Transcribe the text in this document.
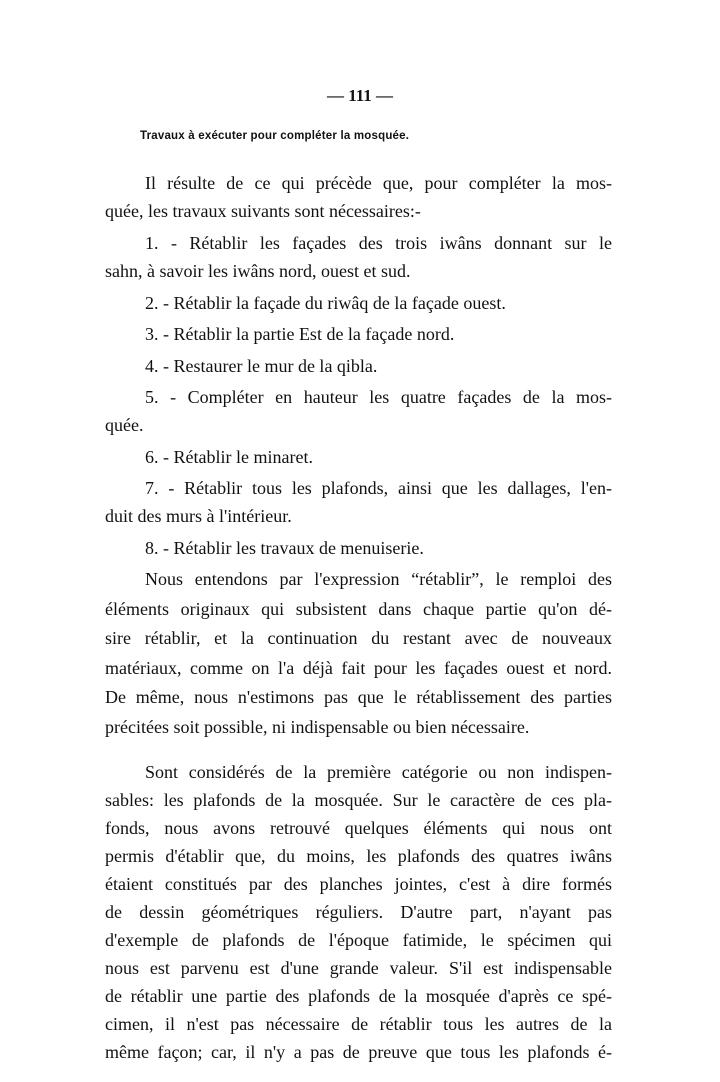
— 111 —
Travaux à exécuter pour compléter la mosquée.
Il résulte de ce qui précède que, pour compléter la mos-
quée, les travaux suivants sont nécessaires:-
1. - Rétablir les façades des trois iwâns donnant sur le
sahn, à savoir les iwâns nord, ouest et sud.
2. - Rétablir la façade du riwâq de la façade ouest.
3. - Rétablir la partie Est de la façade nord.
4. - Restaurer le mur de la qibla.
5. - Compléter en hauteur les quatre façades de la mos-
quée.
6. - Rétablir le minaret.
7. - Rétablir tous les plafonds, ainsi que les dallages, l'en-
duit des murs à l'intérieur.
8. - Rétablir les travaux de menuiserie.
Nous entendons par l'expression “rétablir”, le remploi des
éléments originaux qui subsistent dans chaque partie qu'on dé-
sire rétablir, et la continuation du restant avec de nouveaux
matériaux, comme on l'a déjà fait pour les façades ouest et nord.
De même, nous n'estimons pas que le rétablissement des parties
précitées soit possible, ni indispensable ou bien nécessaire.
Sont considérés de la première catégorie ou non indispen-
sables: les plafonds de la mosquée. Sur le caractère de ces pla-
fonds, nous avons retrouvé quelques éléments qui nous ont
permis d'établir que, du moins, les plafonds des quatres iwâns
étaient constitués par des planches jointes, c'est à dire formés
de dessin géométriques réguliers. D'autre part, n'ayant pas
d'exemple de plafonds de l'époque fatimide, le spécimen qui
nous est parvenu est d'une grande valeur. S'il est indispensable
de rétablir une partie des plafonds de la mosquée d'après ce spé-
cimen, il n'est pas nécessaire de rétablir tous les autres de la
même façon; car, il n'y a pas de preuve que tous les plafonds é-
